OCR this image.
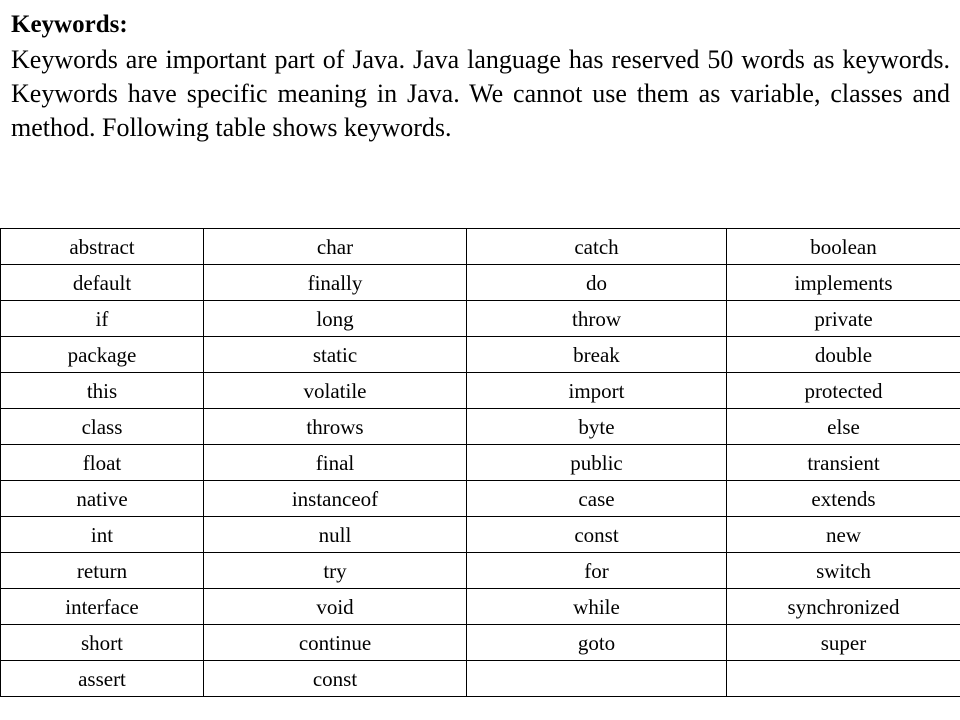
Keywords:
Keywords are important part of Java. Java language has reserved 50 words as keywords. Keywords have specific meaning in Java. We cannot use them as variable, classes and method. Following table shows keywords.
abstract	char	catch	boolean
default	finally	do	implements
if	long	throw	private
package	static	break	double
this	volatile	import	protected
class	throws	byte	else
float	final	public	transient
native	instanceof	case	extends
int	null	const	new
return	try	for	switch
interface	void	while	synchronized
short	continue	goto	super
assert	const		
